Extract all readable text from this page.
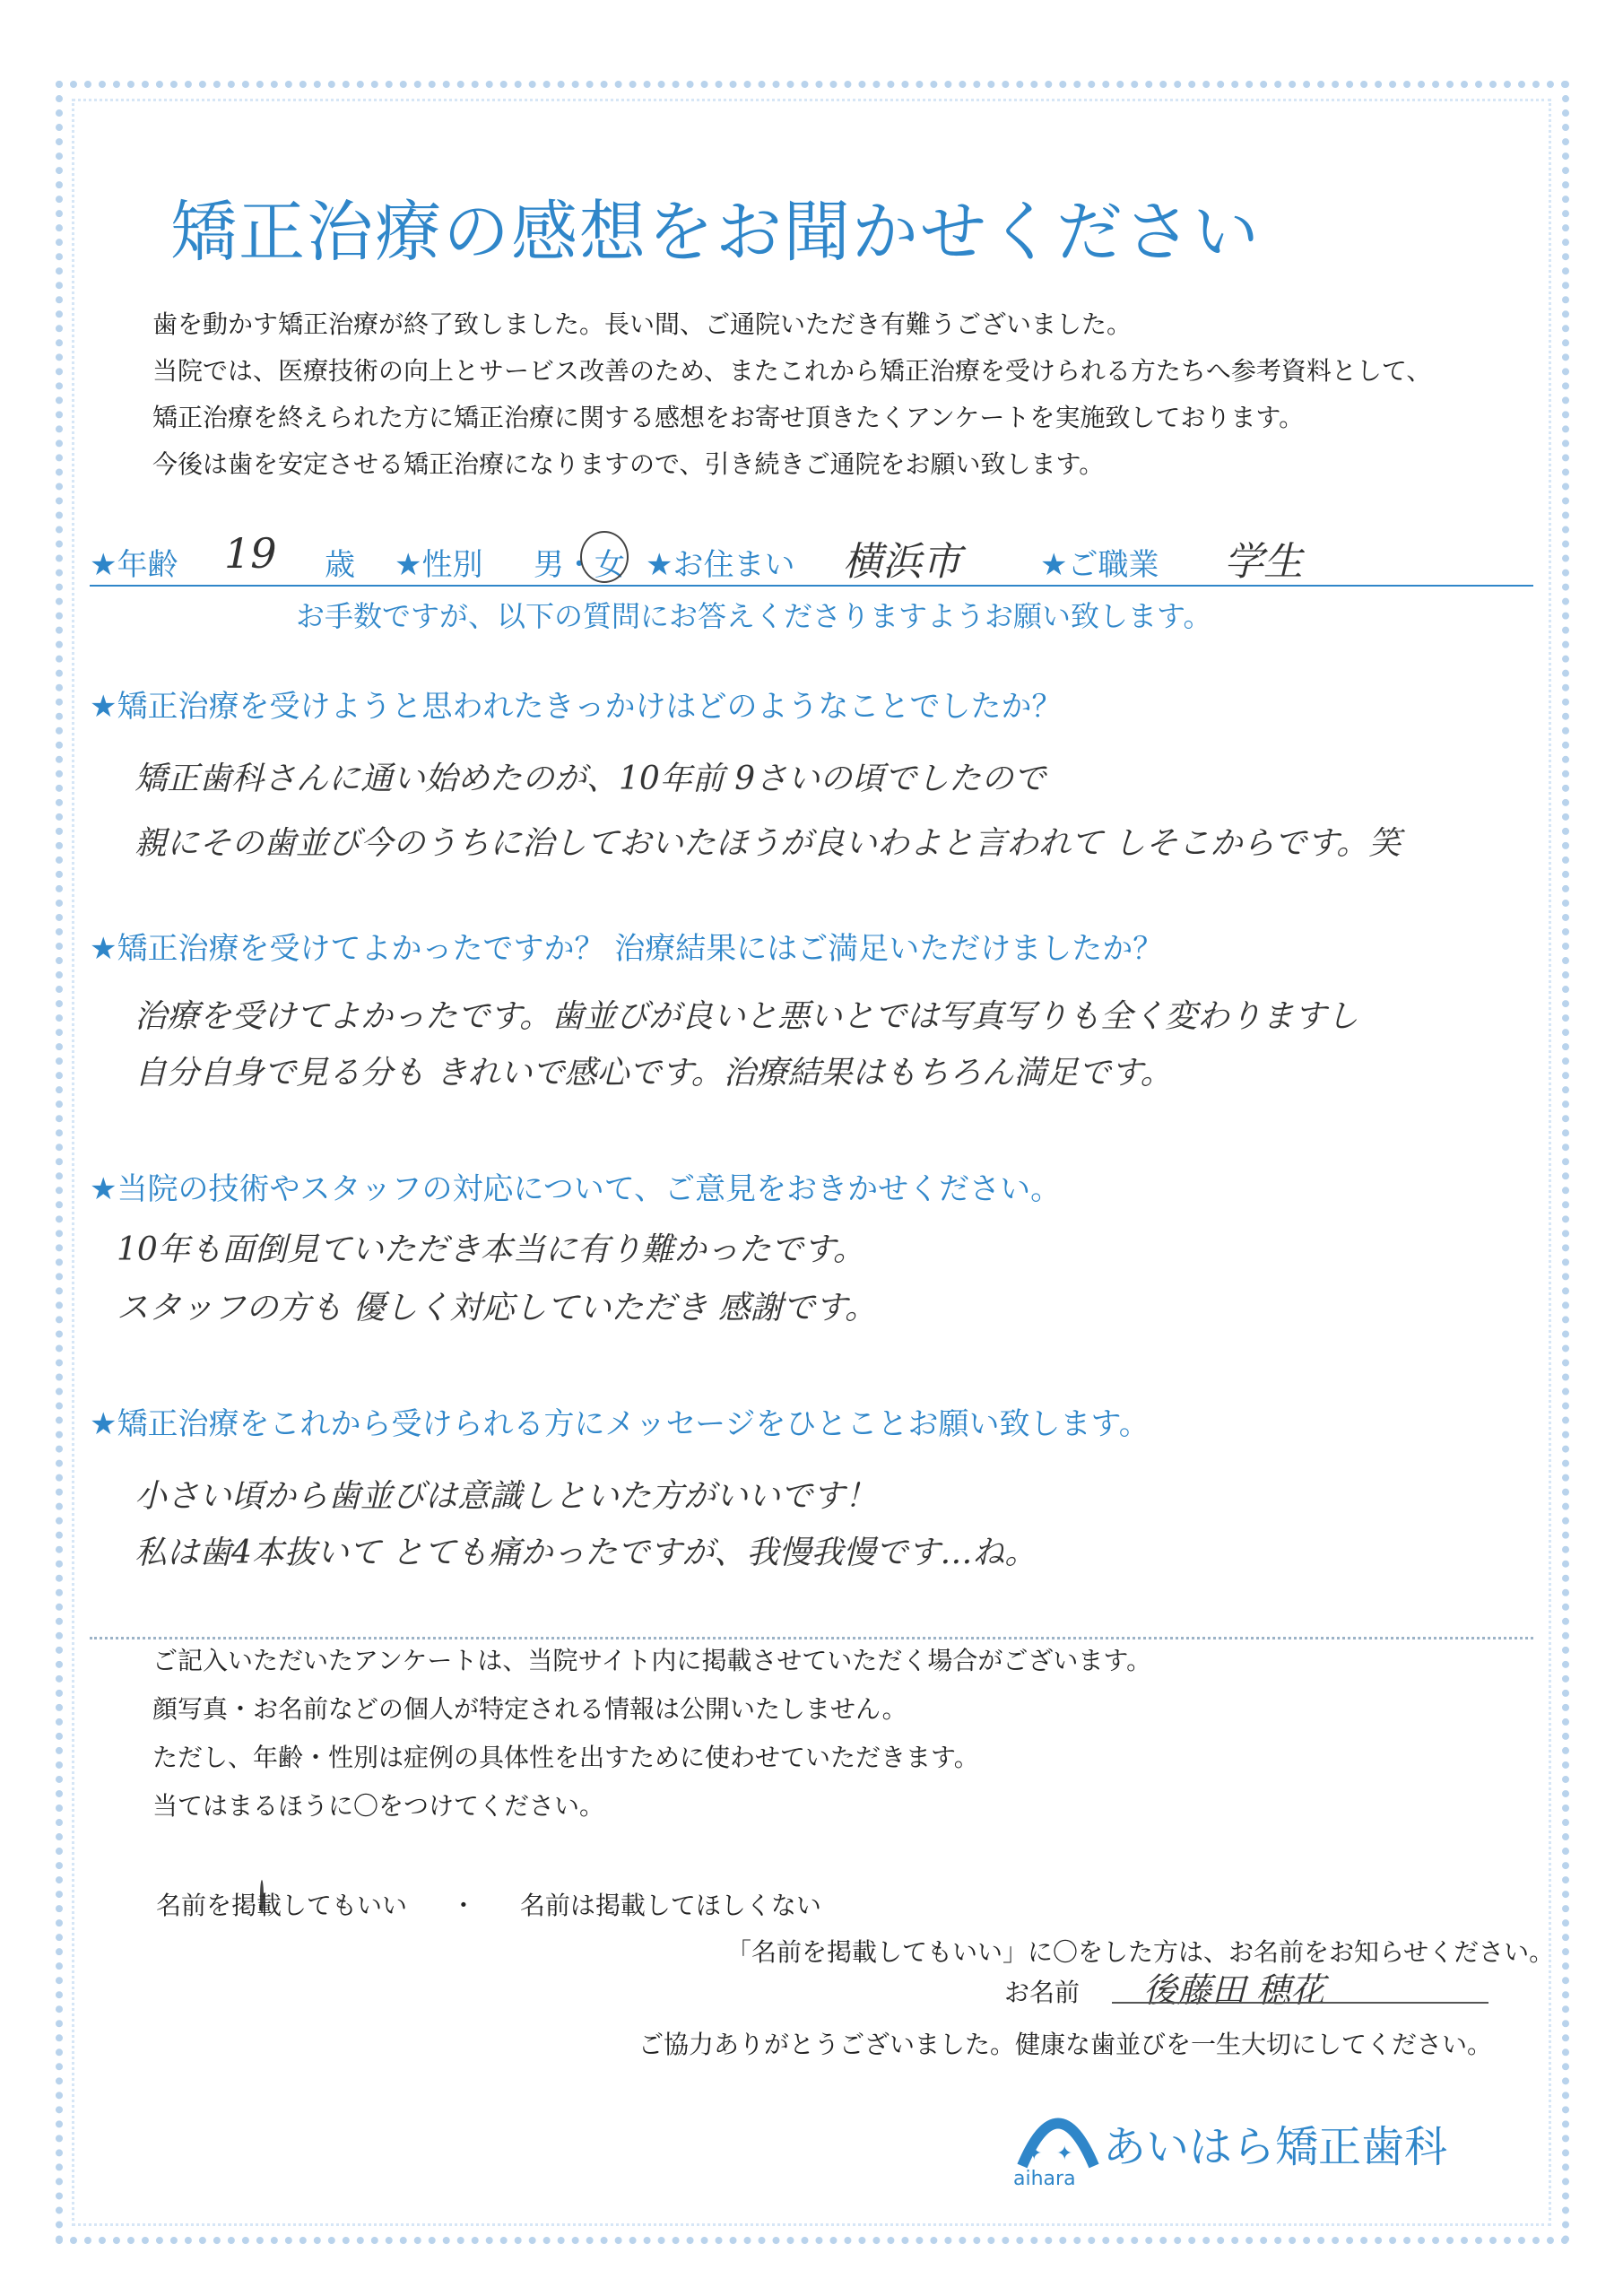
矯正治療の感想をお聞かせください
歯を動かす矯正治療が終了致しました。長い間、ご通院いただき有難うございました。
当院では、医療技術の向上とサービス改善のため、またこれから矯正治療を受けられる方たちへ参考資料として、
矯正治療を終えられた方に矯正治療に関する感想をお寄せ頂きたくアンケートを実施致しております。
今後は歯を安定させる矯正治療になりますので、引き続きご通院をお願い致します。
★年齢 19 歳 ★性別 男・女 ★お住まい 横浜市	★ご職業 学生
お手数ですが、以下の質問にお答えくださりますようお願い致します。
★矯正治療を受けようと思われたきっかけはどのようなことでしたか？
矯正歯科さんに通い始めたのが、10年前 9さいの頃でしたので
親にその歯並び今のうちに治しておいたほうが良いわよと言われて しそこからです。笑
★矯正治療を受けてよかったですか？ 治療結果にはご満足いただけましたか？
治療を受けてよかったです。歯並びが良いと悪いとでは写真写りも全く変わりますし
自分自身で見る分も きれいで感心です。治療結果はもちろん満足です。
★当院の技術やスタッフの対応について、ご意見をおきかせください。
10年も面倒見ていただき本当に有り難かったです。
スタッフの方も 優しく対応していただき 感謝です。
★矯正治療をこれから受けられる方にメッセージをひとことお願い致します。
小さい頃から歯並びは意識しといた方がいいです！
私は歯4本抜いて とても痛かったですが、我慢我慢です…ね。
ご記入いただいたアンケートは、当院サイト内に掲載させていただく場合がございます。
顔写真・お名前などの個人が特定される情報は公開いたしません。
ただし、年齢・性別は症例の具体性を出すために使わせていただきます。
当てはまるほうに〇をつけてください。
名前を掲載してもいい ・ 名前は掲載してほしくない
「名前を掲載してもいい」に〇をした方は、お名前をお知らせください。
お名前 後藤田 穂花
ご協力ありがとうございました。健康な歯並びを一生大切にしてください。
✦ ✦ あいはら矯正歯科
aihara
